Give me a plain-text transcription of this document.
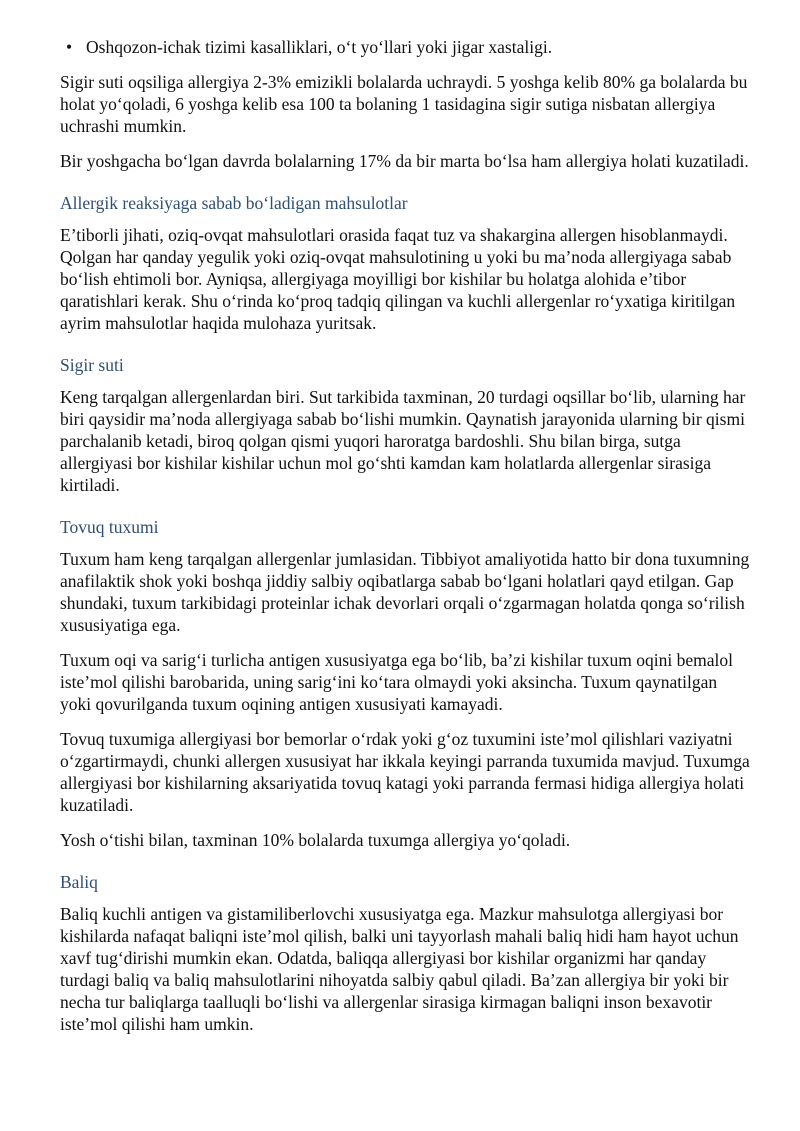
• Oshqozon-ichak tizimi kasalliklari, o‘t yo‘llari yoki jigar xastaligi.

Sigir suti oqsiliga allergiya 2-3% emizikli bolalarda uchraydi. 5 yoshga kelib 80% ga bolalarda bu holat yo‘qoladi, 6 yoshga kelib esa 100 ta bolaning 1 tasidagina sigir sutiga nisbatan allergiya uchrashi mumkin.

Bir yoshgacha bo‘lgan davrda bolalarning 17% da bir marta bo‘lsa ham allergiya holati kuzatiladi.

Allergik reaksiyaga sabab bo‘ladigan mahsulotlar

E’tiborli jihati, oziq-ovqat mahsulotlari orasida faqat tuz va shakargina allergen hisoblanmaydi. Qolgan har qanday yegulik yoki oziq-ovqat mahsulotining u yoki bu ma’noda allergiyaga sabab bo‘lish ehtimoli bor. Ayniqsa, allergiyaga moyilligi bor kishilar bu holatga alohida e’tibor qaratishlari kerak. Shu o‘rinda ko‘proq tadqiq qilingan va kuchli allergenlar ro‘yxatiga kiritilgan ayrim mahsulotlar haqida mulohaza yuritsak.

Sigir suti

Keng tarqalgan allergenlardan biri. Sut tarkibida taxminan, 20 turdagi oqsillar bo‘lib, ularning har biri qaysidir ma’noda allergiyaga sabab bo‘lishi mumkin. Qaynatish jarayonida ularning bir qismi parchalanib ketadi, biroq qolgan qismi yuqori haroratga bardoshli. Shu bilan birga, sutga allergiyasi bor kishilar kishilar uchun mol go‘shti kamdan kam holatlarda allergenlar sirasiga kirtiladi.

Tovuq tuxumi

Tuxum ham keng tarqalgan allergenlar jumlasidan. Tibbiyot amaliyotida hatto bir dona tuxumning anafilaktik shok yoki boshqa jiddiy salbiy oqibatlarga sabab bo‘lgani holatlari qayd etilgan. Gap shundaki, tuxum tarkibidagi proteinlar ichak devorlari orqali o‘zgarmagan holatda qonga so‘rilish xususiyatiga ega.

Tuxum oqi va sarig‘i turlicha antigen xususiyatga ega bo‘lib, ba’zi kishilar tuxum oqini bemalol iste’mol qilishi barobarida, uning sarig‘ini ko‘tara olmaydi yoki aksincha. Tuxum qaynatilgan yoki qovurilganda tuxum oqining antigen xususiyati kamayadi.

Tovuq tuxumiga allergiyasi bor bemorlar o‘rdak yoki g‘oz tuxumini iste’mol qilishlari vaziyatni o‘zgartirmaydi, chunki allergen xususiyat har ikkala keyingi parranda tuxumida mavjud. Tuxumga allergiyasi bor kishilarning aksariyatida tovuq katagi yoki parranda fermasi hidiga allergiya holati kuzatiladi.

Yosh o‘tishi bilan, taxminan 10% bolalarda tuxumga allergiya yo‘qoladi.

Baliq

Baliq kuchli antigen va gistamiliberlovchi xususiyatga ega. Mazkur mahsulotga allergiyasi bor kishilarda nafaqat baliqni iste’mol qilish, balki uni tayyorlash mahali baliq hidi ham hayot uchun xavf tug‘dirishi mumkin ekan. Odatda, baliqqa allergiyasi bor kishilar organizmi har qanday turdagi baliq va baliq mahsulotlarini nihoyatda salbiy qabul qiladi. Ba’zan allergiya bir yoki bir necha tur baliqlarga taalluqli bo‘lishi va allergenlar sirasiga kirmagan baliqni inson bexavotir iste’mol qilishi ham umkin.
